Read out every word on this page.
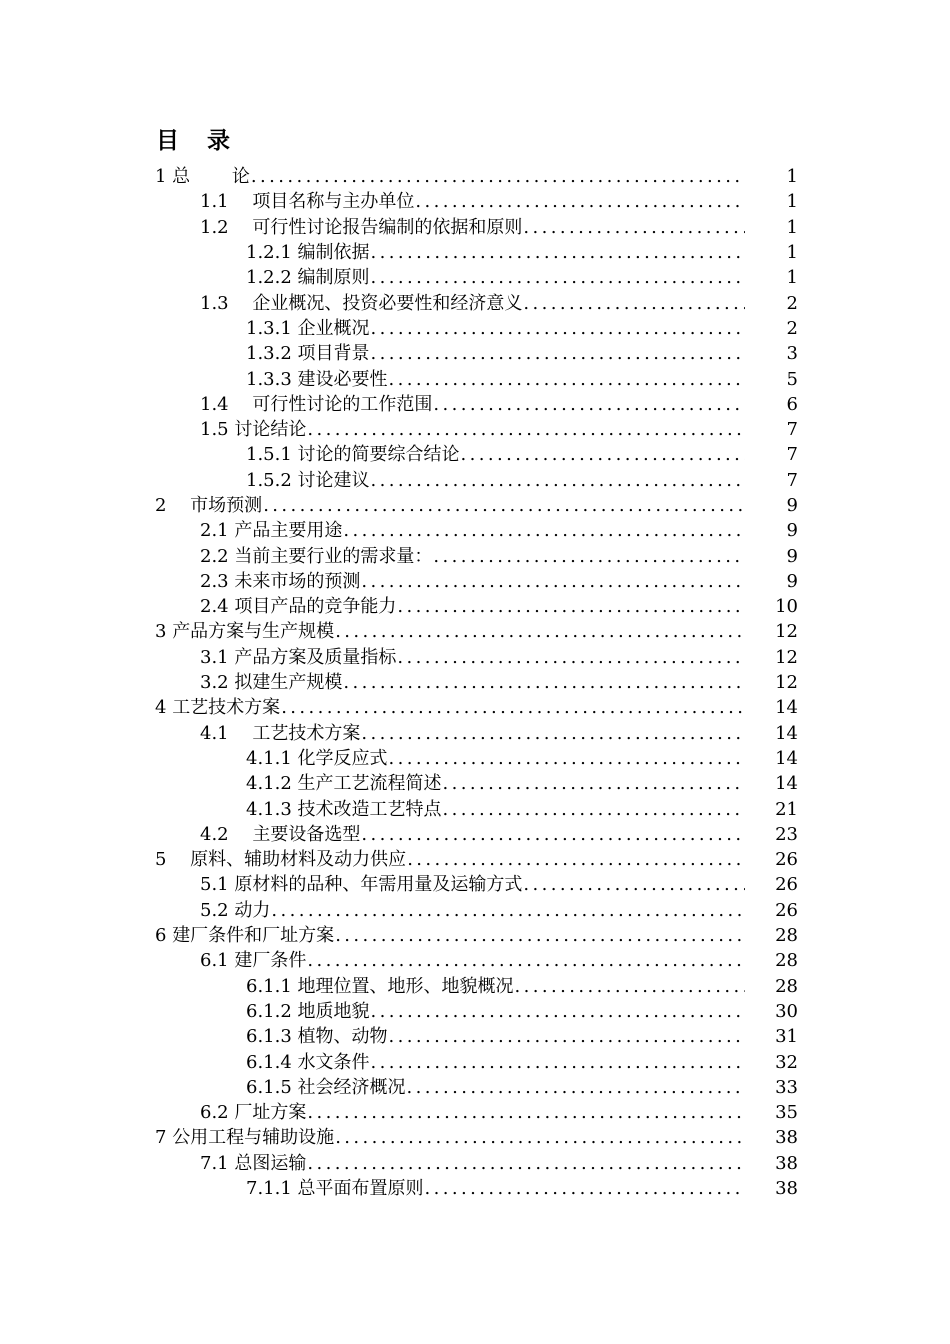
目录
1 总 　　论 .....	1
1.1 　项目名称与主办单位 .....	1
1.2 　可行性讨论报告编制的依据和原则 .....	1
1.2.1 编制依据 .....	1
1.2.2 编制原则 .....	1
1.3 　企业概况、投资必要性和经济意义 .....	2
1.3.1 企业概况 .....	2
1.3.2 项目背景 .....	3
1.3.3 建设必要性 .....	5
1.4 　可行性讨论的工作范围 .....	6
1.5 讨论结论 .....	7
1.5.1 讨论的简要综合结论 .....	7
1.5.2 讨论建议 .....	7
2 　市场预测 .....	9
2.1 产品主要用途 .....	9
2.2 当前主要行业的需求量： .....	9
2.3 未来市场的预测 .....	9
2.4 项目产品的竞争能力 .....	10
3 产品方案与生产规模 .....	12
3.1 产品方案及质量指标 .....	12
3.2 拟建生产规模 .....	12
4 工艺技术方案 .....	14
4.1 　工艺技术方案 .....	14
4.1.1 化学反应式 .....	14
4.1.2 生产工艺流程简述 .....	14
4.1.3 技术改造工艺特点 .....	21
4.2 　主要设备选型 .....	23
5 　原料、辅助材料及动力供应 .....	26
5.1 原材料的品种、年需用量及运输方式 .....	26
5.2 动力 .....	26
6 建厂条件和厂址方案 .....	28
6.1 建厂条件 .....	28
6.1.1 地理位置、地形、地貌概况 .....	28
6.1.2 地质地貌 .....	30
6.1.3 植物、动物 .....	31
6.1.4 水文条件 .....	32
6.1.5 社会经济概况 .....	33
6.2 厂址方案 .....	35
7 公用工程与辅助设施 .....	38
7.1 总图运输 .....	38
7.1.1 总平面布置原则 .....	38
